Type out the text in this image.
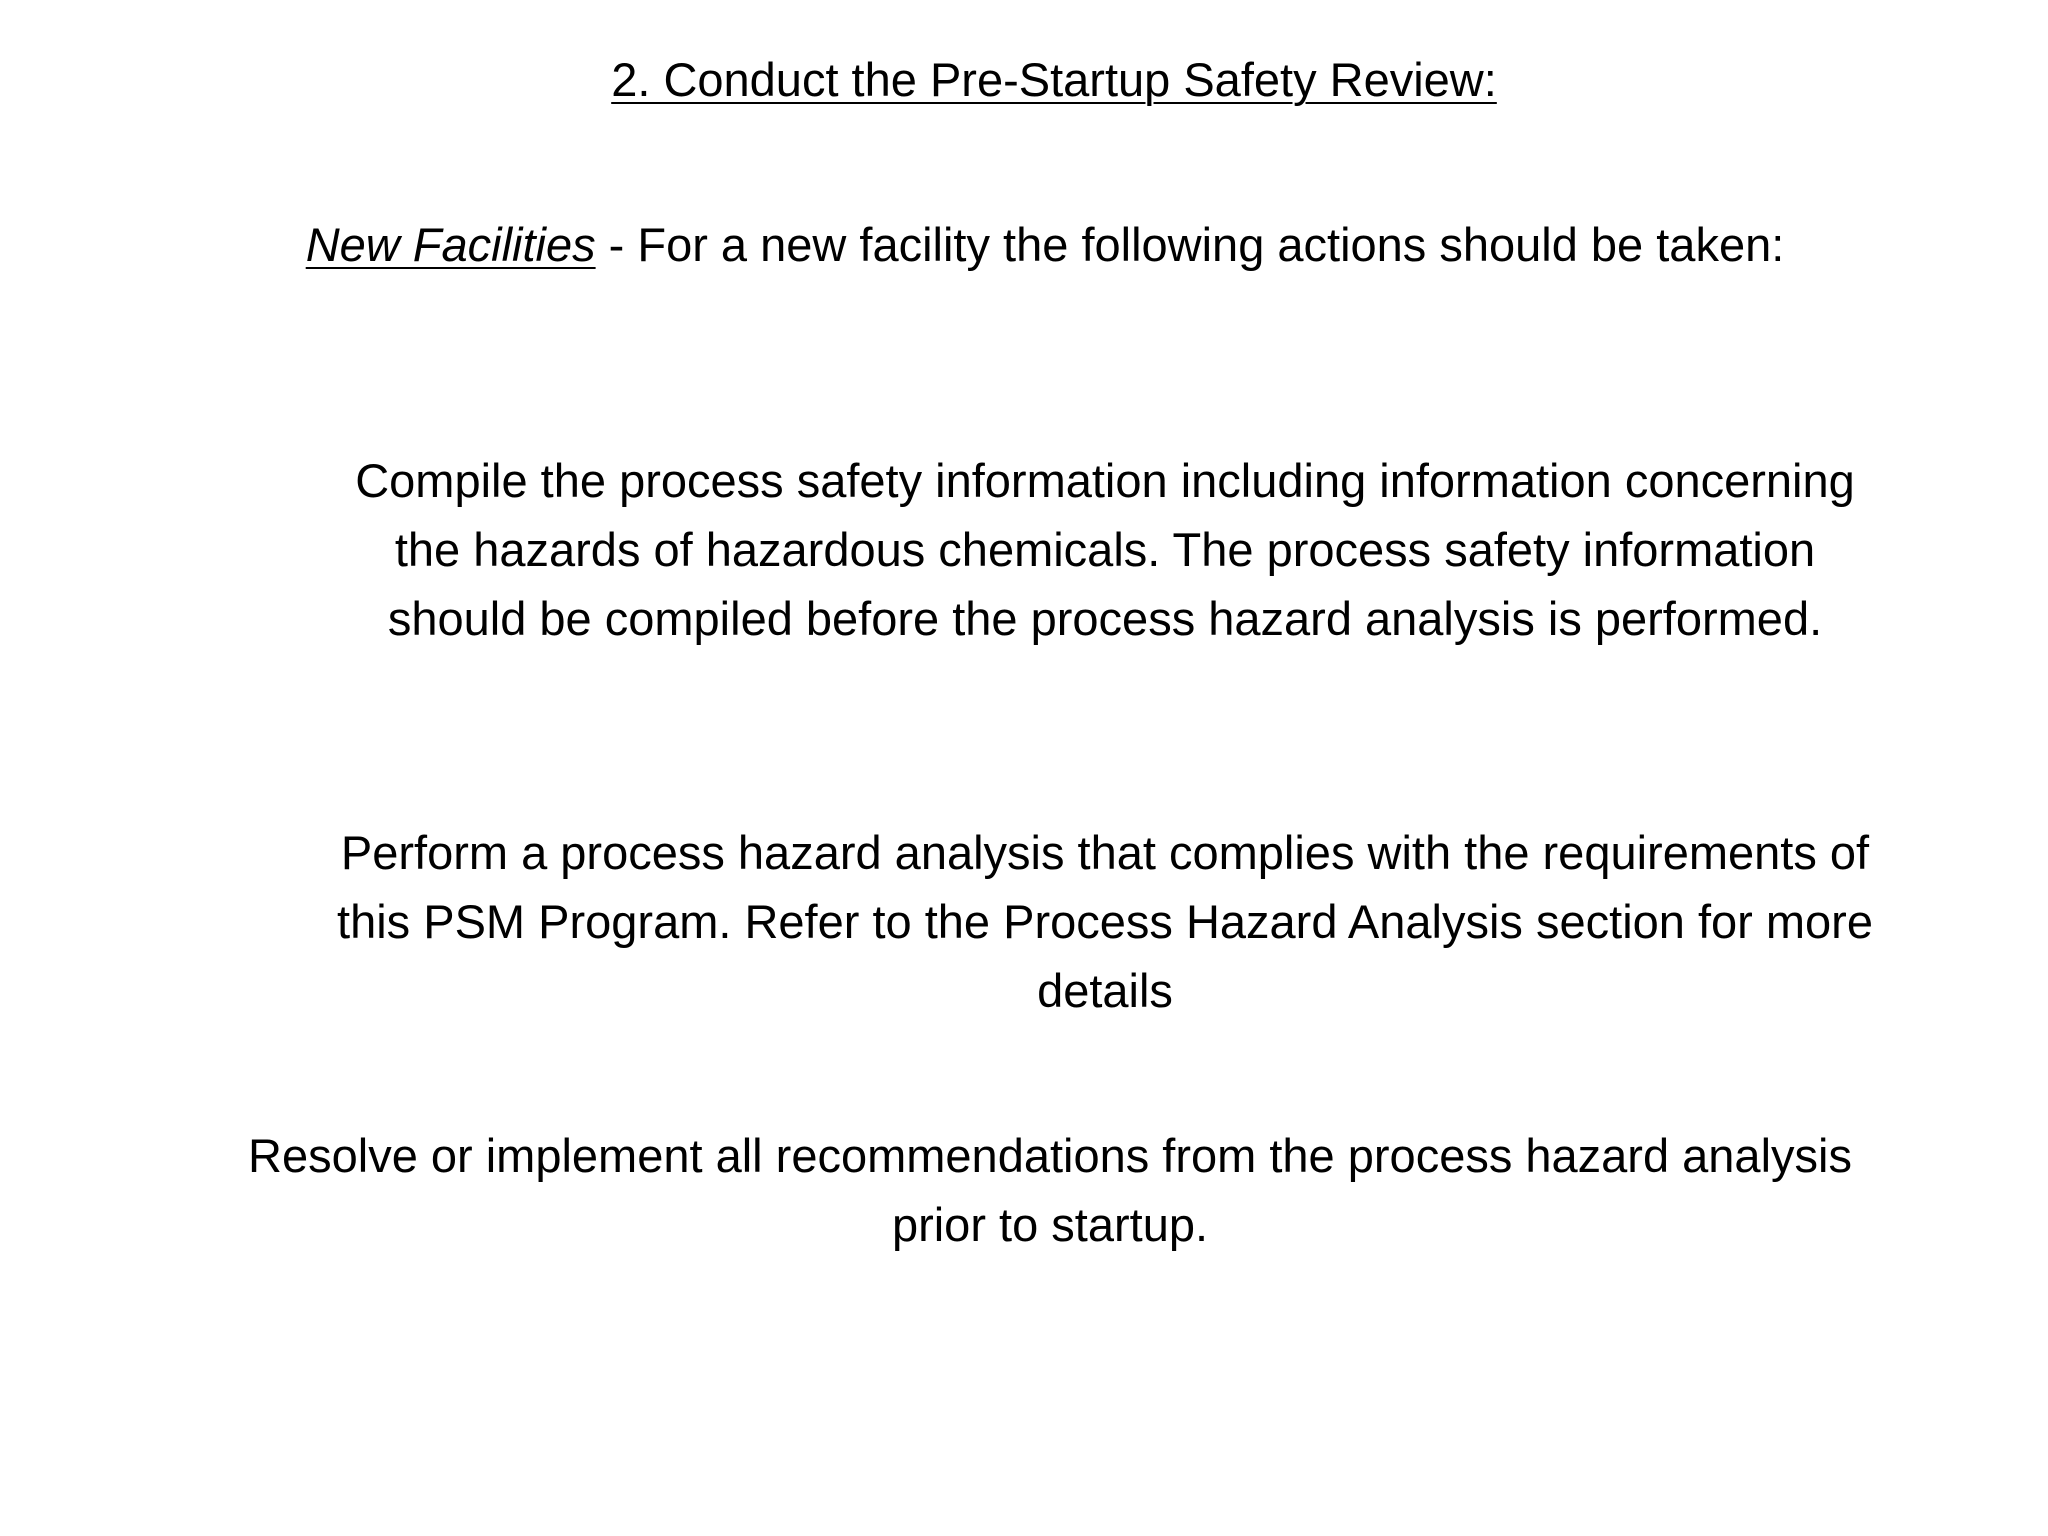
2. Conduct the Pre-Startup Safety Review:

New Facilities - For a new facility the following actions should be taken:

Compile the process safety information including information concerning the hazards of hazardous chemicals. The process safety information should be compiled before the process hazard analysis is performed.

Perform a process hazard analysis that complies with the requirements of this PSM Program. Refer to the Process Hazard Analysis section for more details

Resolve or implement all recommendations from the process hazard analysis prior to startup.
